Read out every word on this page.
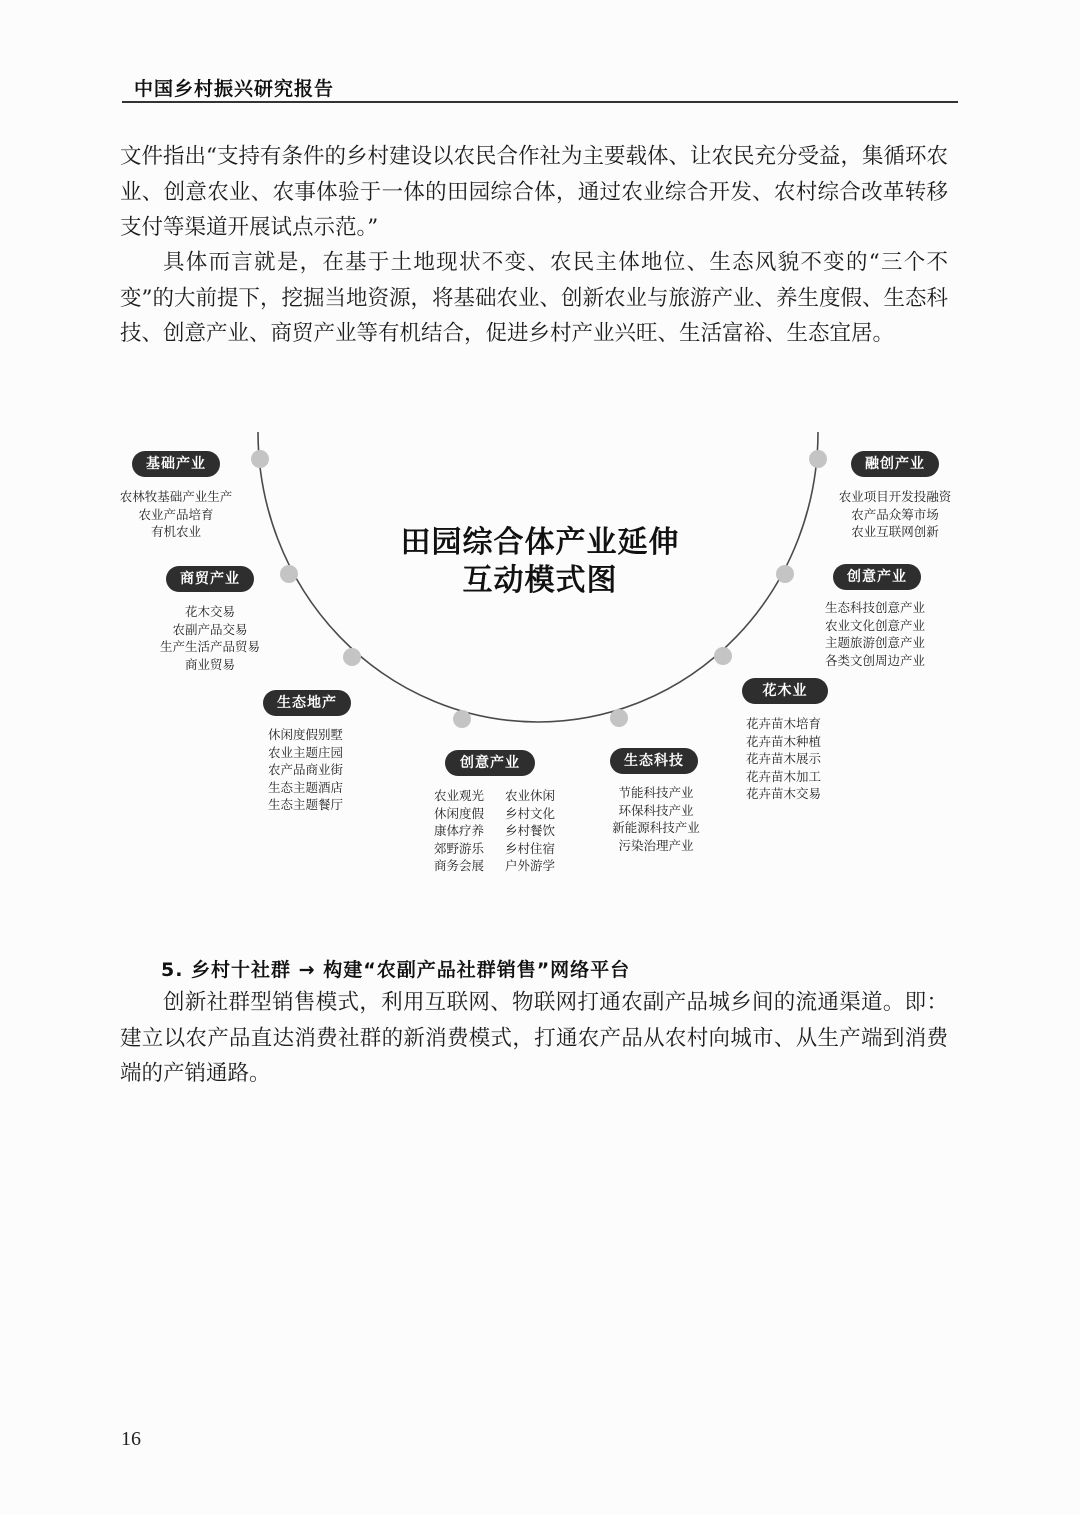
中国乡村振兴研究报告

文件指出“支持有条件的乡村建设以农民合作社为主要载体、让农民充分受益，集循环农业、创意农业、农事体验于一体的田园综合体，通过农业综合开发、农村综合改革转移支付等渠道开展试点示范。”

具体而言就是，在基于土地现状不变、农民主体地位、生态风貌不变的“三个不变”的大前提下，挖掘当地资源，将基础农业、创新农业与旅游产业、养生度假、生态科技、创意产业、商贸产业等有机结合，促进乡村产业兴旺、生活富裕、生态宜居。

田园综合体产业延伸
互动模式图
基础产业
农林牧基础产业生产
农业产品培育
有机农业
商贸产业
花木交易
农副产品交易
生产生活产品贸易
商业贸易
生态地产
休闲度假别墅
农业主题庄园
农产品商业街
生态主题酒店
生态主题餐厅
创意产业
农业观光	农业休闲
休闲度假	乡村文化
康体疗养	乡村餐饮
郊野游乐	乡村住宿
商务会展	户外游学
生态科技
节能科技产业
环保科技产业
新能源科技产业
污染治理产业
花木业
花卉苗木培育
花卉苗木种植
花卉苗木展示
花卉苗木加工
花卉苗木交易
创意产业
生态科技创意产业
农业文化创意产业
主题旅游创意产业
各类文创周边产业
融创产业
农业项目开发投融资
农产品众筹市场
农业互联网创新
5. 乡村十社群 → 构建“农副产品社群销售”网络平台

创新社群型销售模式，利用互联网、物联网打通农副产品城乡间的流通渠道。即：建立以农产品直达消费社群的新消费模式，打通农产品从农村向城市、从生产端到消费端的产销通路。

16
